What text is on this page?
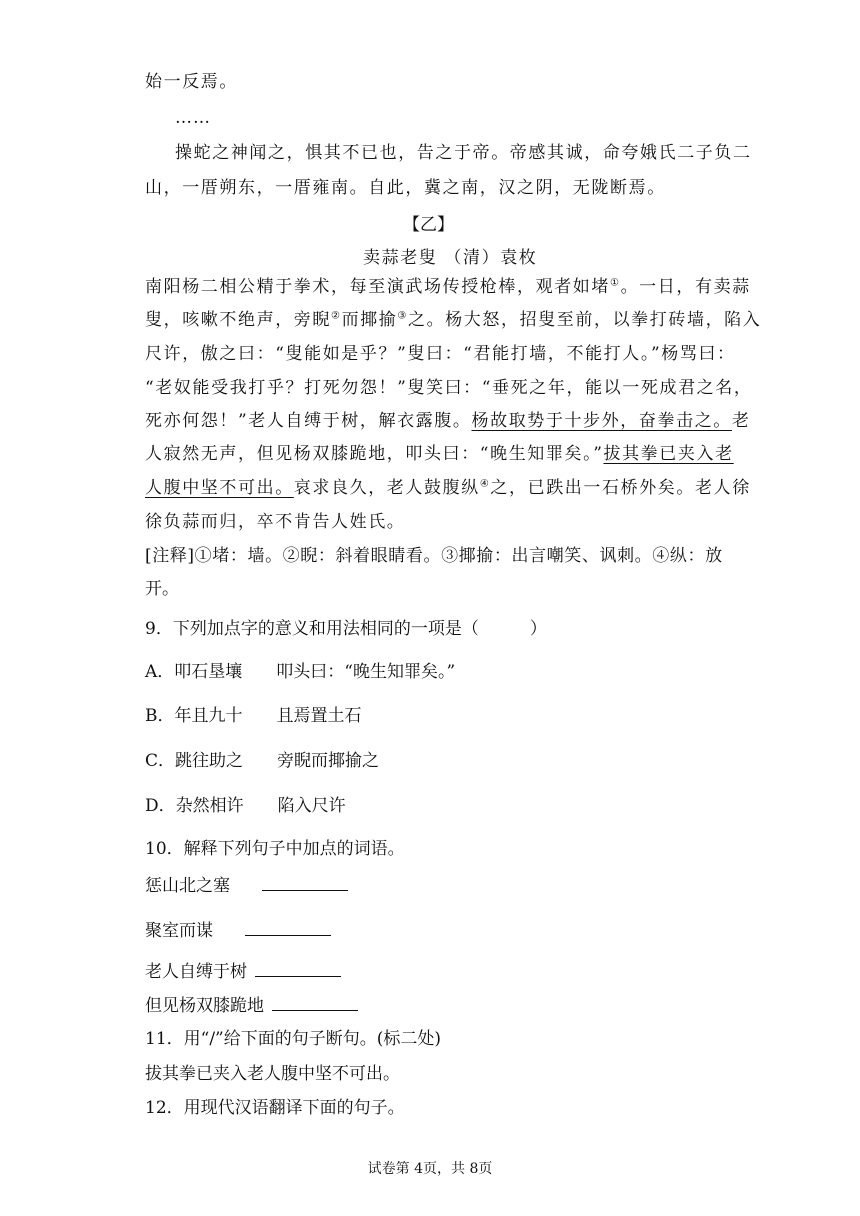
始一反焉。
……
操蛇之神闻之，惧其不已也，告之于帝。帝感其诚，命夸娥氏二子负二
山，一厝朔东，一厝雍南。自此，冀之南，汉之阴，无陇断焉。
【乙】
卖蒜老叟 （清）袁枚
南阳杨二相公精于拳术，每至演武场传授枪棒，观者如堵①。一日，有卖蒜
叟，咳嗽不绝声，旁睨②而揶揄③之。杨大怒，招叟至前，以拳打砖墙，陷入
尺许，傲之曰：“叟能如是乎？”叟曰：“君能打墙，不能打人。”杨骂曰：
“老奴能受我打乎？打死勿怨！”叟笑曰：“垂死之年，能以一死成君之名，
死亦何怨！”老人自缚于树，解衣露腹。杨故取势于十步外，奋拳击之。老
人寂然无声，但见杨双膝跪地，叩头曰：“晚生知罪矣。”拔其拳已夹入老
人腹中坚不可出。哀求良久，老人鼓腹纵④之，已跌出一石桥外矣。老人徐
徐负蒜而归，卒不肯告人姓氏。
[注释]①堵：墙。②睨：斜着眼睛看。③揶揄：出言嘲笑、讽刺。④纵：放
开。
9．下列加点字的意义和用法相同的一项是（　　　）
A．叩石垦壤　　叩头曰：“晚生知罪矣。”
B．年且九十　　且焉置土石
C．跳往助之　　旁睨而揶揄之
D．杂然相许　　陷入尺许
10．解释下列句子中加点的词语。
惩山北之塞
聚室而谋
老人自缚于树
但见杨双膝跪地
11．用“/”给下面的句子断句。(标二处)
拔其拳已夹入老人腹中坚不可出。
12．用现代汉语翻译下面的句子。
试卷第 4页，共 8页
